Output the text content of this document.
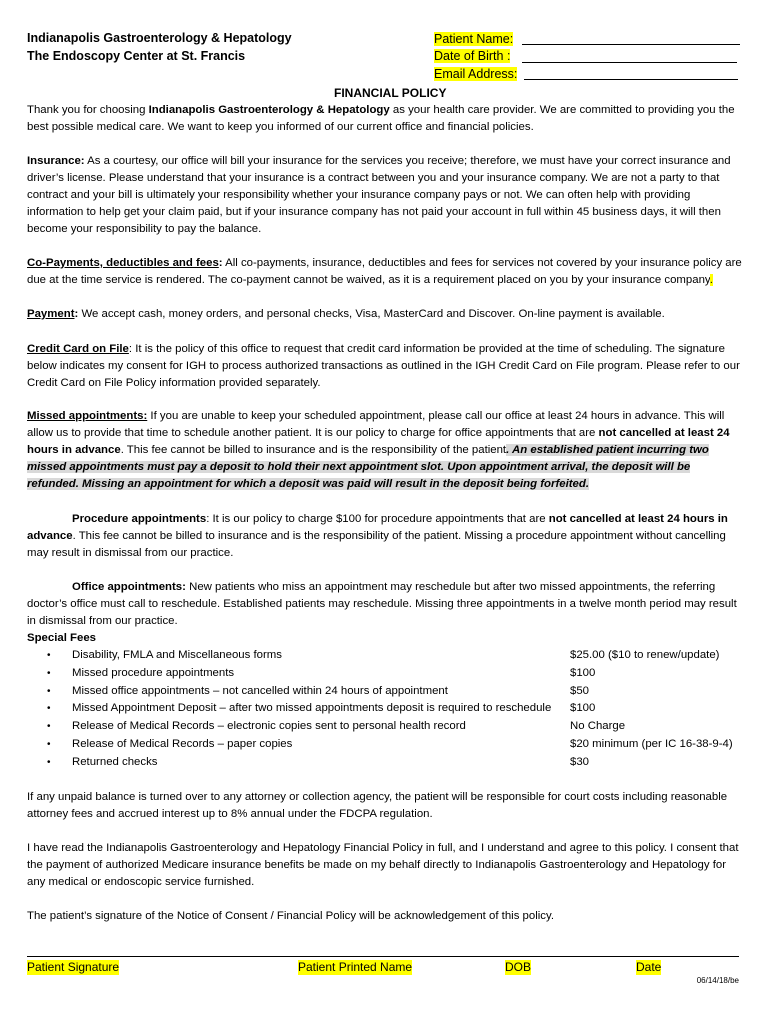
Indianapolis Gastroenterology & Hepatology
The Endoscopy Center at St. Francis
Patient Name:
Date of Birth :
Email Address:
FINANCIAL POLICY
Thank you for choosing Indianapolis Gastroenterology & Hepatology as your health care provider. We are committed to providing you the best possible medical care. We want to keep you informed of our current office and financial policies.
Insurance: As a courtesy, our office will bill your insurance for the services you receive; therefore, we must have your correct insurance and driver’s license. Please understand that your insurance is a contract between you and your insurance company. We are not a party to that contract and your bill is ultimately your responsibility whether your insurance company pays or not. We can often help with providing information to help get your claim paid, but if your insurance company has not paid your account in full within 45 business days, it will then become your responsibility to pay the balance.
Co-Payments, deductibles and fees: All co-payments, insurance, deductibles and fees for services not covered by your insurance policy are due at the time service is rendered. The co-payment cannot be waived, as it is a requirement placed on you by your insurance company.
Payment: We accept cash, money orders, and personal checks, Visa, MasterCard and Discover. On-line payment is available.
Credit Card on File: It is the policy of this office to request that credit card information be provided at the time of scheduling. The signature below indicates my consent for IGH to process authorized transactions as outlined in the IGH Credit Card on File program. Please refer to our Credit Card on File Policy information provided separately.
Missed appointments: If you are unable to keep your scheduled appointment, please call our office at least 24 hours in advance. This will allow us to provide that time to schedule another patient. It is our policy to charge for office appointments that are not cancelled at least 24 hours in advance. This fee cannot be billed to insurance and is the responsibility of the patient. An established patient incurring two missed appointments must pay a deposit to hold their next appointment slot. Upon appointment arrival, the deposit will be refunded. Missing an appointment for which a deposit was paid will result in the deposit being forfeited.
Procedure appointments: It is our policy to charge $100 for procedure appointments that are not cancelled at least 24 hours in advance. This fee cannot be billed to insurance and is the responsibility of the patient. Missing a procedure appointment without cancelling may result in dismissal from our practice.
Office appointments: New patients who miss an appointment may reschedule but after two missed appointments, the referring doctor’s office must call to reschedule. Established patients may reschedule. Missing three appointments in a twelve month period may result in dismissal from our practice.
Special Fees
• Disability, FMLA and Miscellaneous forms	$25.00 ($10 to renew/update)
• Missed procedure appointments	$100
• Missed office appointments – not cancelled within 24 hours of appointment	$50
• Missed Appointment Deposit – after two missed appointments deposit is required to reschedule $100
• Release of Medical Records – electronic copies sent to personal health record	No Charge
• Release of Medical Records – paper copies	$20 minimum (per IC 16-38-9-4)
• Returned checks	$30
If any unpaid balance is turned over to any attorney or collection agency, the patient will be responsible for court costs including reasonable attorney fees and accrued interest up to 8% annual under the FDCPA regulation.
I have read the Indianapolis Gastroenterology and Hepatology Financial Policy in full, and I understand and agree to this policy. I consent that the payment of authorized Medicare insurance benefits be made on my behalf directly to Indianapolis Gastroenterology and Hepatology for any medical or endoscopic service furnished.
The patient’s signature of the Notice of Consent / Financial Policy will be acknowledgement of this policy.
Patient Signature	Patient Printed Name	DOB	Date
06/14/18/be
